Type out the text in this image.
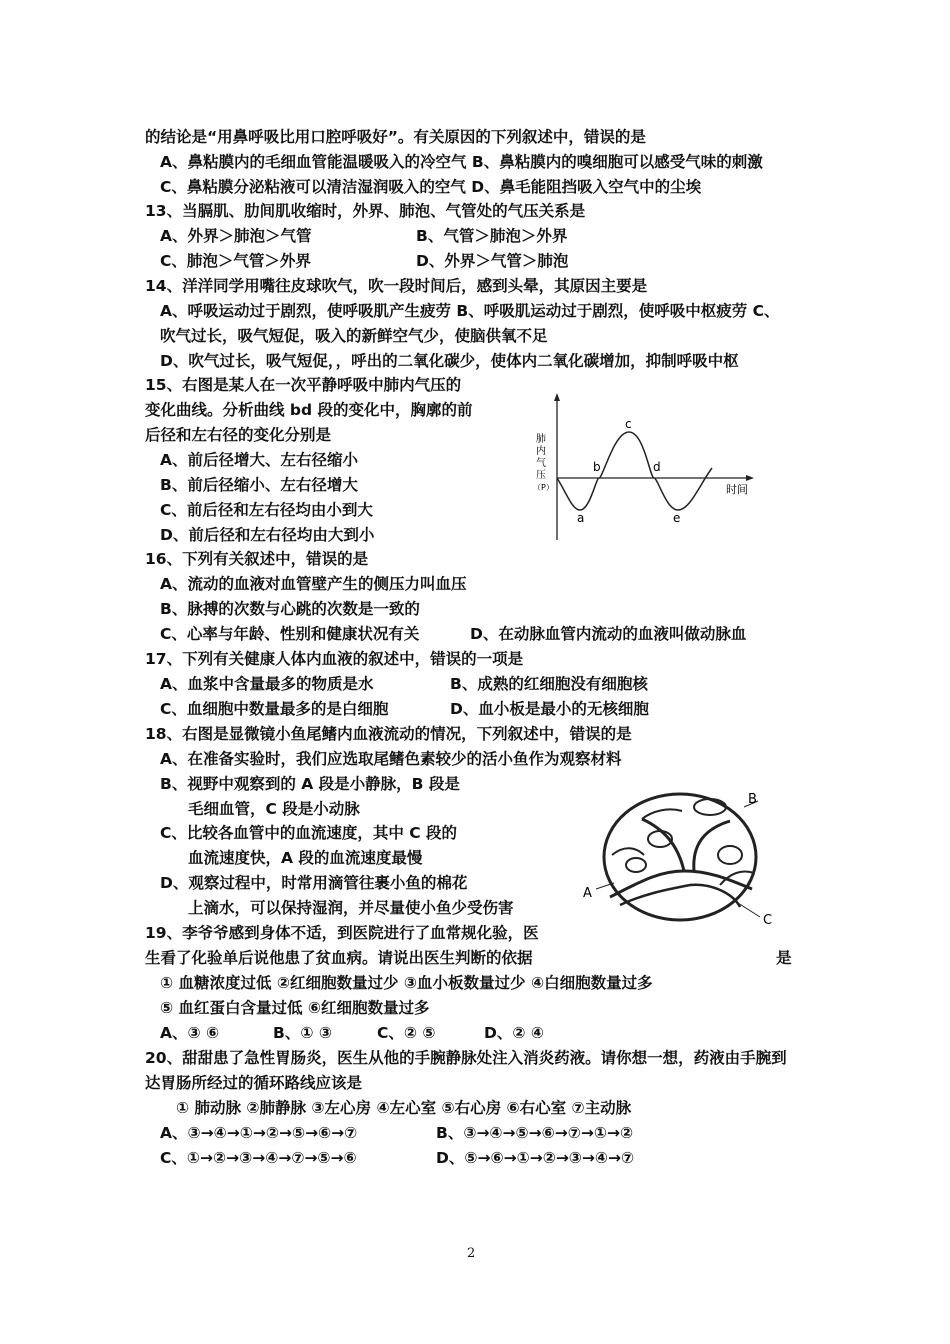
的结论是“用鼻呼吸比用口腔呼吸好”。有关原因的下列叙述中，错误的是
A、鼻粘膜内的毛细血管能温暖吸入的冷空气 B、鼻粘膜内的嗅细胞可以感受气味的刺激
C、鼻粘膜分泌粘液可以清洁湿润吸入的空气 D、鼻毛能阻挡吸入空气中的尘埃
13、当膈肌、肋间肌收缩时，外界、肺泡、气管处的气压关系是
A、外界＞肺泡＞气管	B、气管＞肺泡＞外界
C、肺泡＞气管＞外界	D、外界＞气管＞肺泡
14、洋洋同学用嘴往皮球吹气，吹一段时间后，感到头晕，其原因主要是
A、呼吸运动过于剧烈，使呼吸肌产生疲劳 B、呼吸肌运动过于剧烈，使呼吸中枢疲劳 C、
吹气过长，吸气短促，吸入的新鲜空气少，使脑供氧不足
D、吹气过长，吸气短促，，呼出的二氧化碳少，使体内二氧化碳增加，抑制呼吸中枢
15、右图是某人在一次平静呼吸中肺内气压的
变化曲线。分析曲线 bd 段的变化中，胸廓的前
后径和左右径的变化分别是
A、前后径增大、左右径缩小
B、前后径缩小、左右径增大
C、前后径和左右径均由小到大
D、前后径和左右径均由大到小
肺
内
气
压
（P）	时间
a
b
c
d
e
16、下列有关叙述中，错误的是
A、流动的血液对血管壁产生的侧压力叫血压
B、脉搏的次数与心跳的次数是一致的
C、心率与年龄、性别和健康状况有关	D、在动脉血管内流动的血液叫做动脉血
17、下列有关健康人体内血液的叙述中，错误的一项是
A、血浆中含量最多的物质是水	B、成熟的红细胞没有细胞核
C、血细胞中数量最多的是白细胞	D、血小板是最小的无核细胞
18、右图是显微镜小鱼尾鳍内血液流动的情况，下列叙述中，错误的是
A、在准备实验时，我们应选取尾鳍色素较少的活小鱼作为观察材料
B、视野中观察到的 A 段是小静脉，B 段是
毛细血管，C 段是小动脉
C、比较各血管中的血流速度，其中 C 段的
血流速度快，A 段的血流速度最慢
D、观察过程中，时常用滴管往裹小鱼的棉花
上滴水，可以保持湿润，并尽量使小鱼少受伤害
A
B
C
19、李爷爷感到身体不适，到医院进行了血常规化验，医
生看了化验单后说他患了贫血病。请说出医生判断的依据	是
① 血糖浓度过低 ②红细胞数量过少 ③血小板数量过少 ④白细胞数量过多
⑤ 血红蛋白含量过低 ⑥红细胞数量过多
A、③ ⑥	B、① ③	C、② ⑤	D、② ④
20、甜甜患了急性胃肠炎，医生从他的手腕静脉处注入消炎药液。请你想一想，药液由手腕到
达胃肠所经过的循环路线应该是
① 肺动脉 ②肺静脉 ③左心房 ④左心室 ⑤右心房 ⑥右心室 ⑦主动脉
A、③→④→①→②→⑤→⑥→⑦	B、③→④→⑤→⑥→⑦→①→②
C、①→②→③→④→⑦→⑤→⑥	D、⑤→⑥→①→②→③→④→⑦
2
